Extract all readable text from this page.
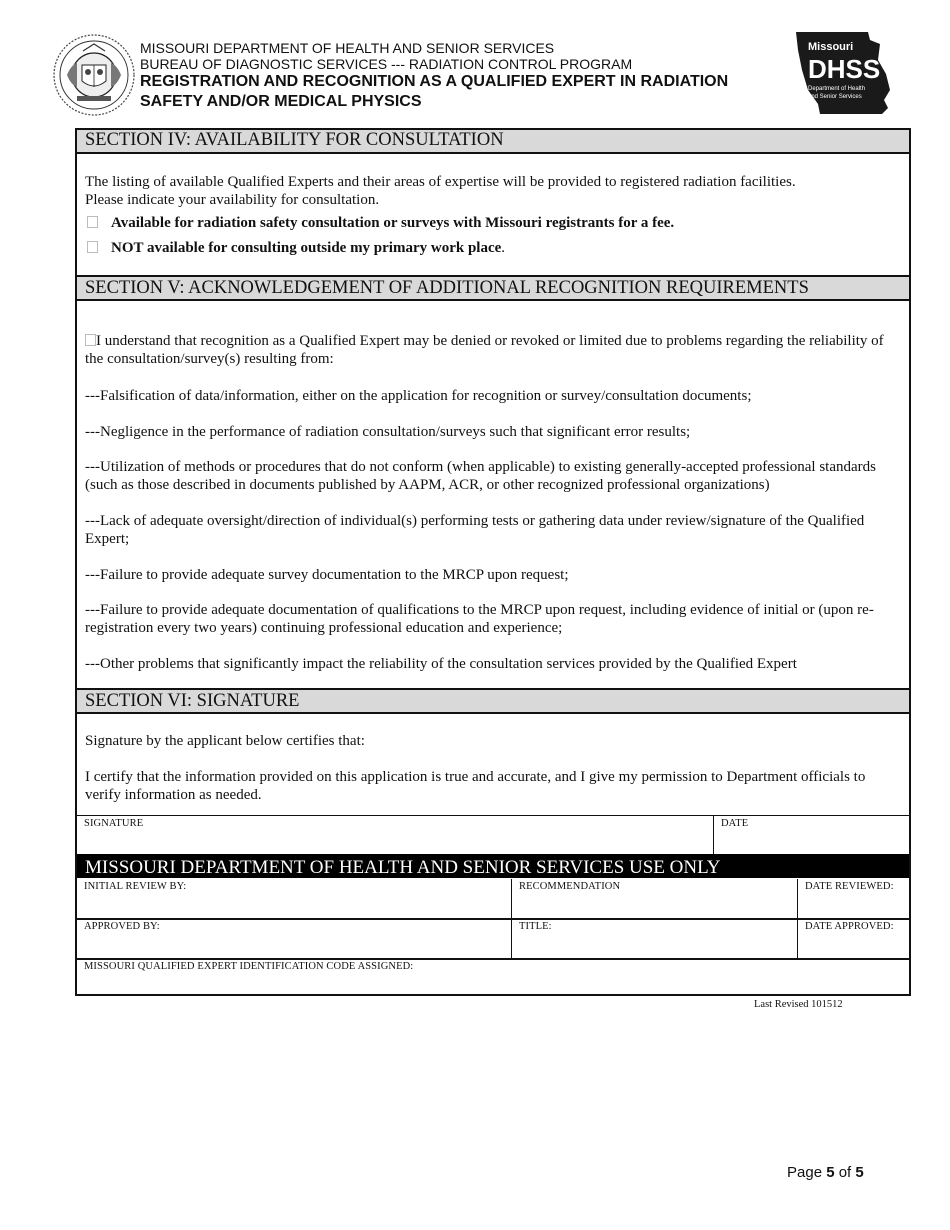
MISSOURI DEPARTMENT OF HEALTH AND SENIOR SERVICES
BUREAU OF DIAGNOSTIC SERVICES --- RADIATION CONTROL PROGRAM
REGISTRATION AND RECOGNITION AS A QUALIFIED EXPERT IN RADIATION
SAFETY AND/OR MEDICAL PHYSICS
Missouri
DHSS
Department of Health
and Senior Services
SECTION IV: AVAILABILITY FOR CONSULTATION
The listing of available Qualified Experts and their areas of expertise will be provided to registered radiation facilities.
Please indicate your availability for consultation.
Available for radiation safety consultation or surveys with Missouri registrants for a fee.
NOT available for consulting outside my primary work place.
SECTION V: ACKNOWLEDGEMENT OF ADDITIONAL RECOGNITION REQUIREMENTS
I understand that recognition as a Qualified Expert may be denied or revoked or limited due to problems regarding the reliability of the consultation/survey(s) resulting from:
---Falsification of data/information, either on the application for recognition or survey/consultation documents;
---Negligence in the performance of radiation consultation/surveys such that significant error results;
---Utilization of methods or procedures that do not conform (when applicable) to existing generally-accepted professional standards (such as those described in documents published by AAPM, ACR, or other recognized professional organizations)
---Lack of adequate oversight/direction of individual(s) performing tests or gathering data under review/signature of the Qualified Expert;
---Failure to provide adequate survey documentation to the MRCP upon request;
---Failure to provide adequate documentation of qualifications to the MRCP upon request, including evidence of initial or (upon re-registration every two years) continuing professional education and experience;
---Other problems that significantly impact the reliability of the consultation services provided by the Qualified Expert
SECTION VI: SIGNATURE
Signature by the applicant below certifies that:
I certify that the information provided on this application is true and accurate, and I give my permission to Department officials to verify information as needed.
SIGNATURE	DATE
MISSOURI DEPARTMENT OF HEALTH AND SENIOR SERVICES USE ONLY
INITIAL REVIEW BY:	RECOMMENDATION	DATE REVIEWED:
APPROVED BY:	TITLE:	DATE APPROVED:
MISSOURI QUALIFIED EXPERT IDENTIFICATION CODE ASSIGNED:
Last Revised 101512
Page 5 of 5
